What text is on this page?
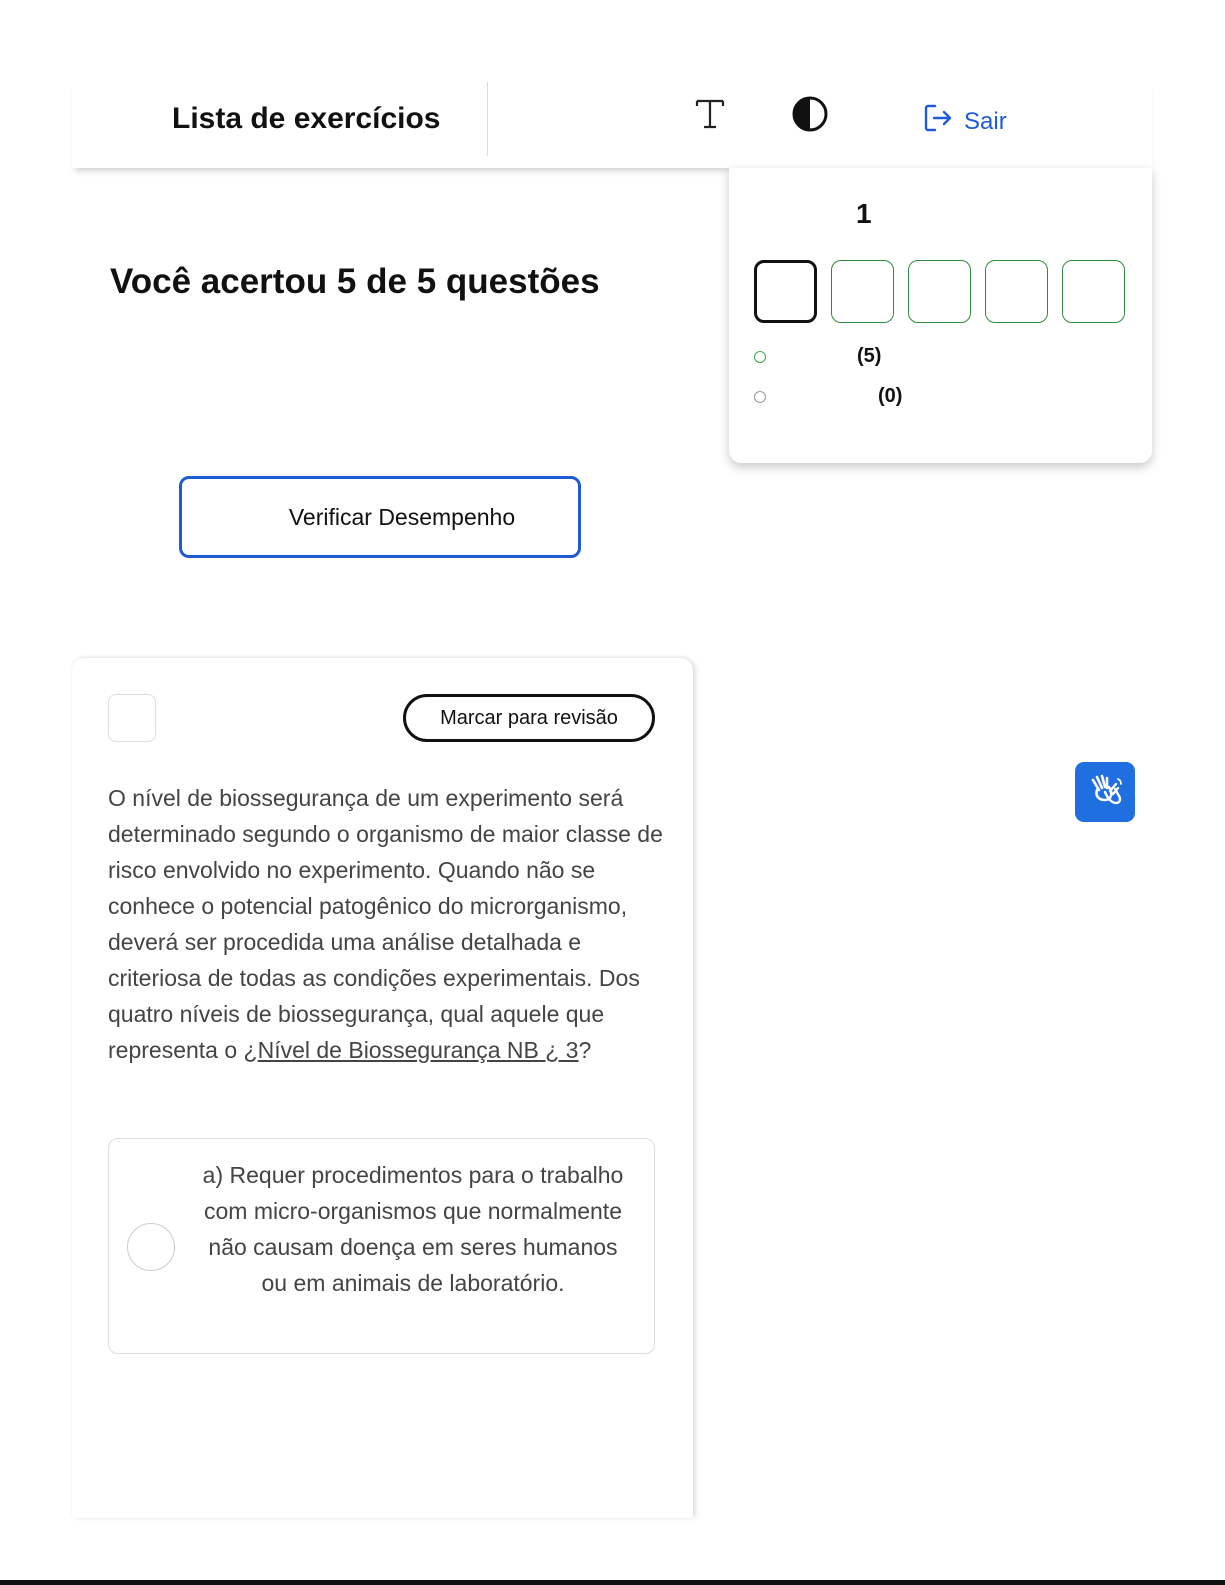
Lista de exercícios	Sair
Você acertou 5 de 5 questões
Verificar Desempenho
1
(5)
(0)
Marcar para revisão
O nível de biossegurança de um experimento será determinado segundo o organismo de maior classe de risco envolvido no experimento. Quando não se conhece o potencial patogênico do microrganismo, deverá ser procedida uma análise detalhada e criteriosa de todas as condições experimentais. Dos quatro níveis de biossegurança, qual aquele que representa o ¿Nível de Biossegurança NB ¿ 3?
a) Requer procedimentos para o trabalho com micro-organismos que normalmente não causam doença em seres humanos ou em animais de laboratório.
